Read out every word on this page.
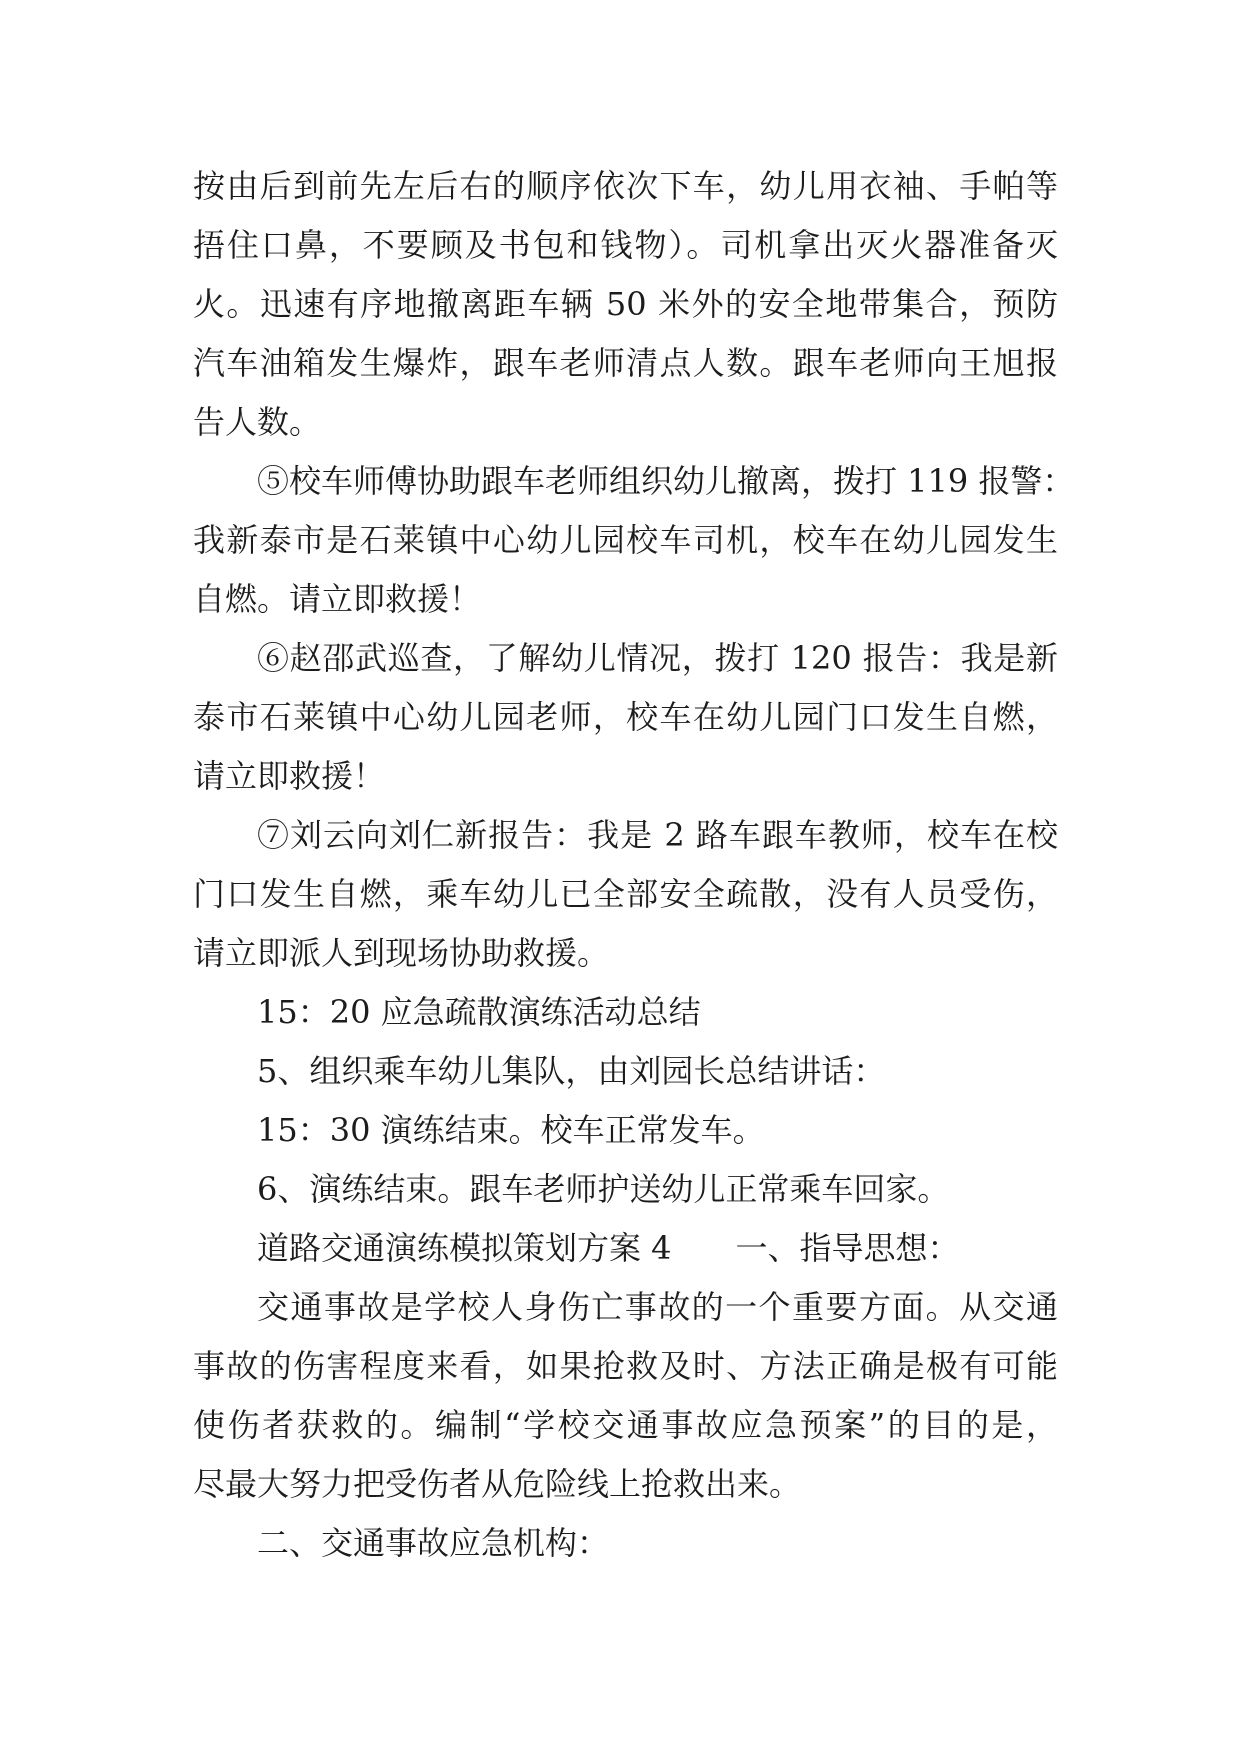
按由后到前先左后右的顺序依次下车，幼儿用衣袖、手帕等
捂住口鼻，不要顾及书包和钱物）。司机拿出灭火器准备灭
火。迅速有序地撤离距车辆 50 米外的安全地带集合，预防
汽车油箱发生爆炸，跟车老师清点人数。跟车老师向王旭报
告人数。
⑤校车师傅协助跟车老师组织幼儿撤离，拨打 119 报警：
我新泰市是石莱镇中心幼儿园校车司机，校车在幼儿园发生
自燃。请立即救援！
⑥赵邵武巡查，了解幼儿情况，拨打 120 报告：我是新
泰市石莱镇中心幼儿园老师，校车在幼儿园门口发生自燃，
请立即救援！
⑦刘云向刘仁新报告：我是 2 路车跟车教师，校车在校
门口发生自燃，乘车幼儿已全部安全疏散，没有人员受伤，
请立即派人到现场协助救援。
15：20 应急疏散演练活动总结
5、组织乘车幼儿集队，由刘园长总结讲话：
15：30 演练结束。校车正常发车。
6、演练结束。跟车老师护送幼儿正常乘车回家。
道路交通演练模拟策划方案 4　　一、指导思想：
交通事故是学校人身伤亡事故的一个重要方面。从交通
事故的伤害程度来看，如果抢救及时、方法正确是极有可能
使伤者获救的。编制“学校交通事故应急预案”的目的是，
尽最大努力把受伤者从危险线上抢救出来。
二、交通事故应急机构：
